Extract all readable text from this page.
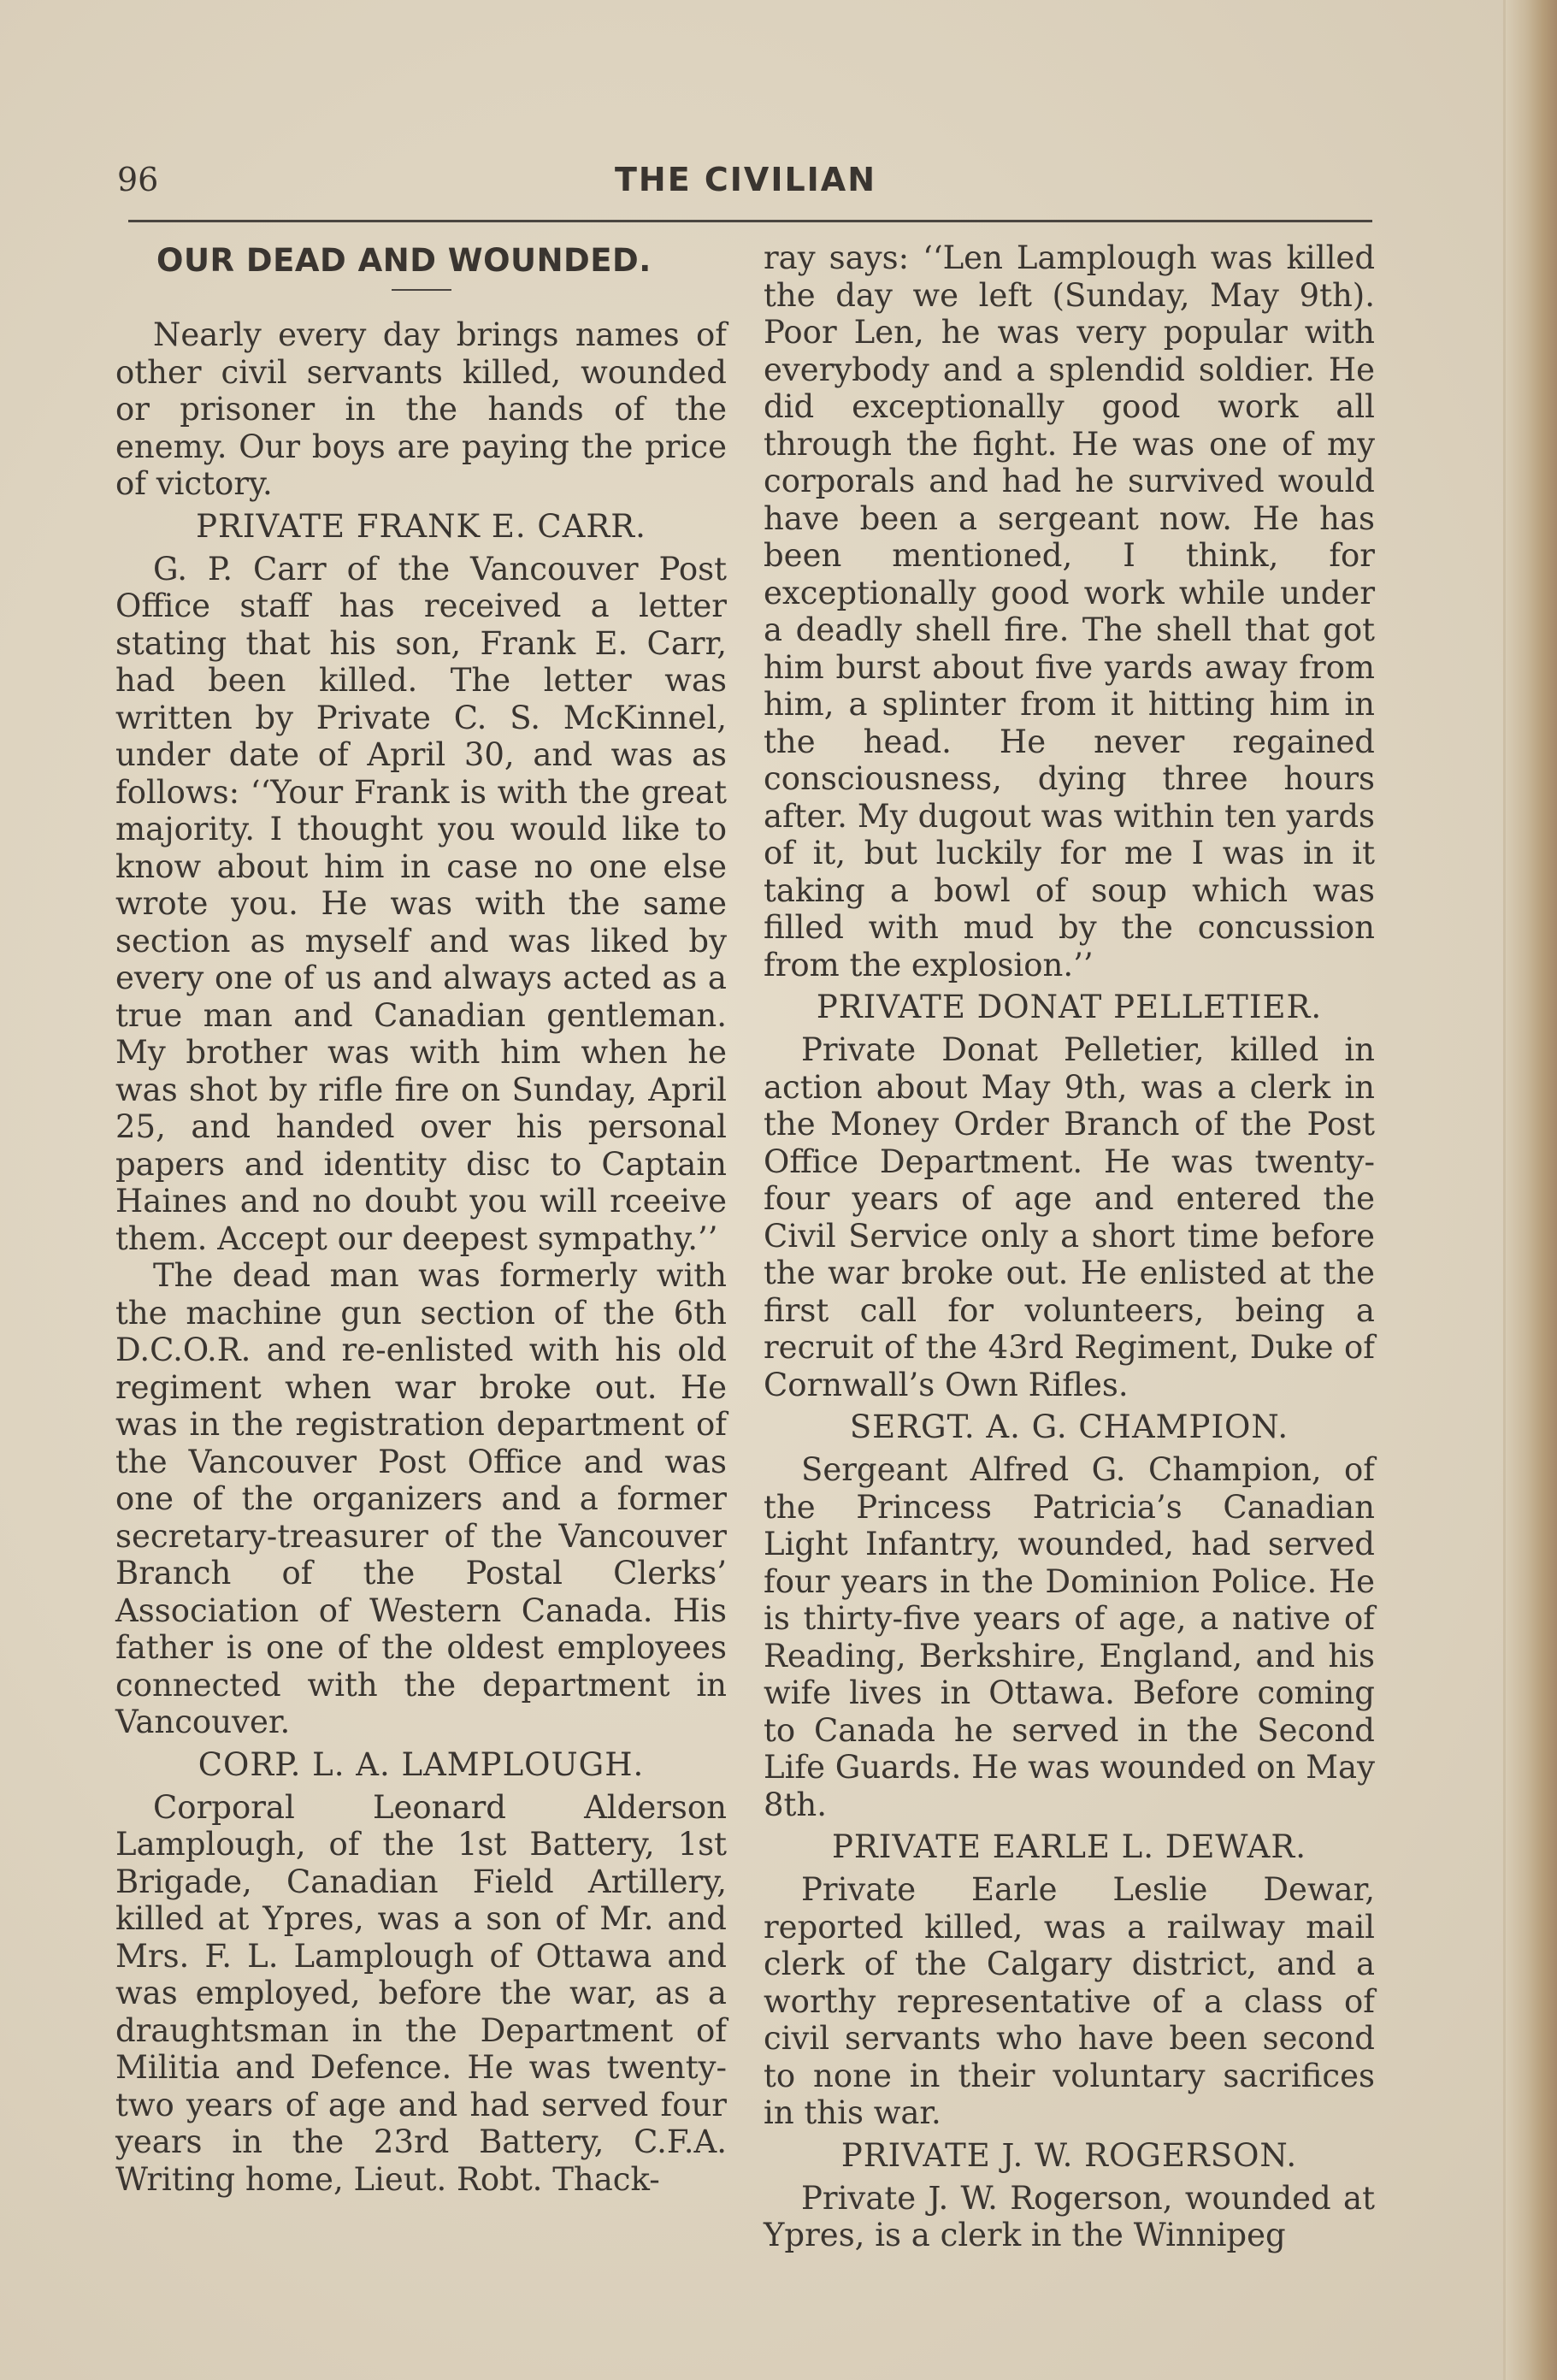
96	THE CIVILIAN
OUR DEAD AND WOUNDED.

Nearly every day brings names of other civil servants killed, wounded or prisoner in the hands of the enemy. Our boys are paying the price of victory.

PRIVATE FRANK E. CARR.

G. P. Carr of the Vancouver Post Office staff has received a letter stating that his son, Frank E. Carr, had been killed. The letter was written by Private C. S. McKinnel, under date of April 30, and was as follows: ‘‘Your Frank is with the great majority. I thought you would like to know about him in case no one else wrote you. He was with the same section as myself and was liked by every one of us and always acted as a true man and Canadian gentleman. My brother was with him when he was shot by rifle fire on Sunday, April 25, and handed over his personal papers and identity disc to Captain Haines and no doubt you will rceeive them. Accept our deepest sympathy.’’

The dead man was formerly with the machine gun section of the 6th D.C.O.R. and re-enlisted with his old regiment when war broke out. He was in the registration department of the Vancouver Post Office and was one of the organizers and a former secretary-treasurer of the Vancouver Branch of the Postal Clerks’ Association of Western Canada. His father is one of the oldest employees connected with the department in Vancouver.

CORP. L. A. LAMPLOUGH.

Corporal Leonard Alderson Lamplough, of the 1st Battery, 1st Brigade, Canadian Field Artillery, killed at Ypres, was a son of Mr. and Mrs. F. L. Lamplough of Ottawa and was employed, before the war, as a draughtsman in the Department of Militia and Defence. He was twenty-two years of age and had served four years in the 23rd Battery, C.F.A. Writing home, Lieut. Robt. Thack-

ray says: ‘‘Len Lamplough was killed the day we left (Sunday, May 9th). Poor Len, he was very popular with everybody and a splendid soldier. He did exceptionally good work all through the fight. He was one of my corporals and had he survived would have been a sergeant now. He has been mentioned, I think, for exceptionally good work while under a deadly shell fire. The shell that got him burst about five yards away from him, a splinter from it hitting him in the head. He never regained consciousness, dying three hours after. My dugout was within ten yards of it, but luckily for me I was in it taking a bowl of soup which was filled with mud by the concussion from the explosion.’’

PRIVATE DONAT PELLETIER.

Private Donat Pelletier, killed in action about May 9th, was a clerk in the Money Order Branch of the Post Office Department. He was twenty-four years of age and entered the Civil Service only a short time before the war broke out. He enlisted at the first call for volunteers, being a recruit of the 43rd Regiment, Duke of Cornwall’s Own Rifles.

SERGT. A. G. CHAMPION.

Sergeant Alfred G. Champion, of the Princess Patricia’s Canadian Light Infantry, wounded, had served four years in the Dominion Police. He is thirty-five years of age, a native of Reading, Berkshire, England, and his wife lives in Ottawa. Before coming to Canada he served in the Second Life Guards. He was wounded on May 8th.

PRIVATE EARLE L. DEWAR.

Private Earle Leslie Dewar, reported killed, was a railway mail clerk of the Calgary district, and a worthy representative of a class of civil servants who have been second to none in their voluntary sacrifices in this war.

PRIVATE J. W. ROGERSON.

Private J. W. Rogerson, wounded at Ypres, is a clerk in the Winnipeg
